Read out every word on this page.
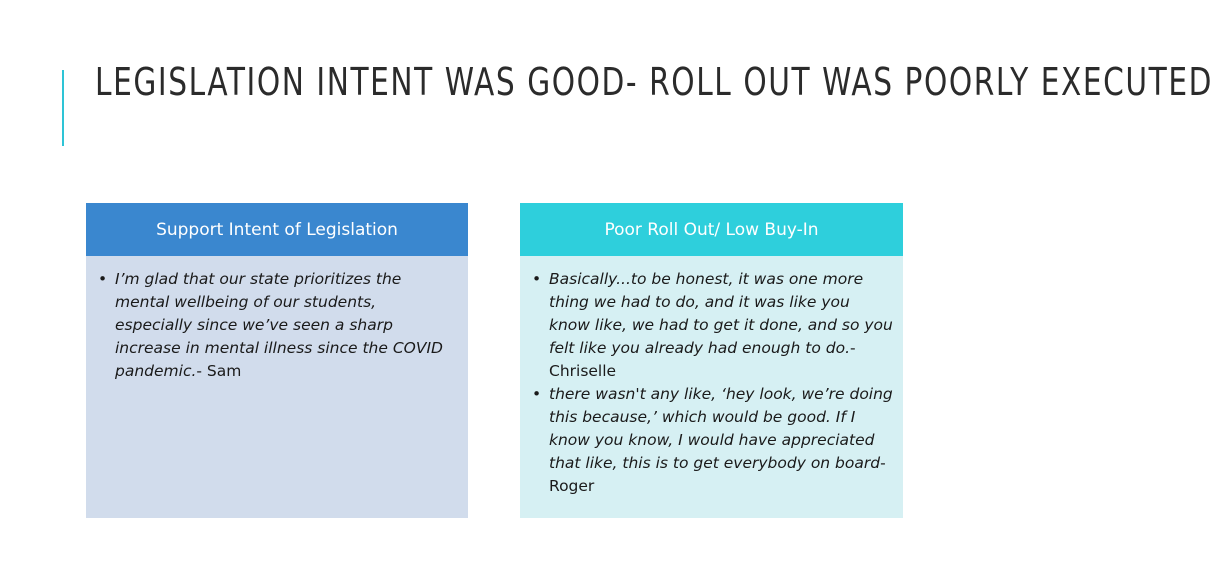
LEGISLATION INTENT WAS GOOD- ROLL OUT WAS POORLY EXECUTED
Support Intent of Legislation
• I’m glad that our state prioritizes the mental wellbeing of our students, especially since we’ve seen a sharp increase in mental illness since the COVID pandemic.- Sam
Poor Roll Out/ Low Buy-In
• Basically...to be honest, it was one more thing we had to do, and it was like you know like, we had to get it done, and so you felt like you already had enough to do.- Chriselle
• there wasn't any like, ‘hey look, we’re doing this because,’ which would be good. If I know you know, I would have appreciated that like, this is to get everybody on board- Roger
